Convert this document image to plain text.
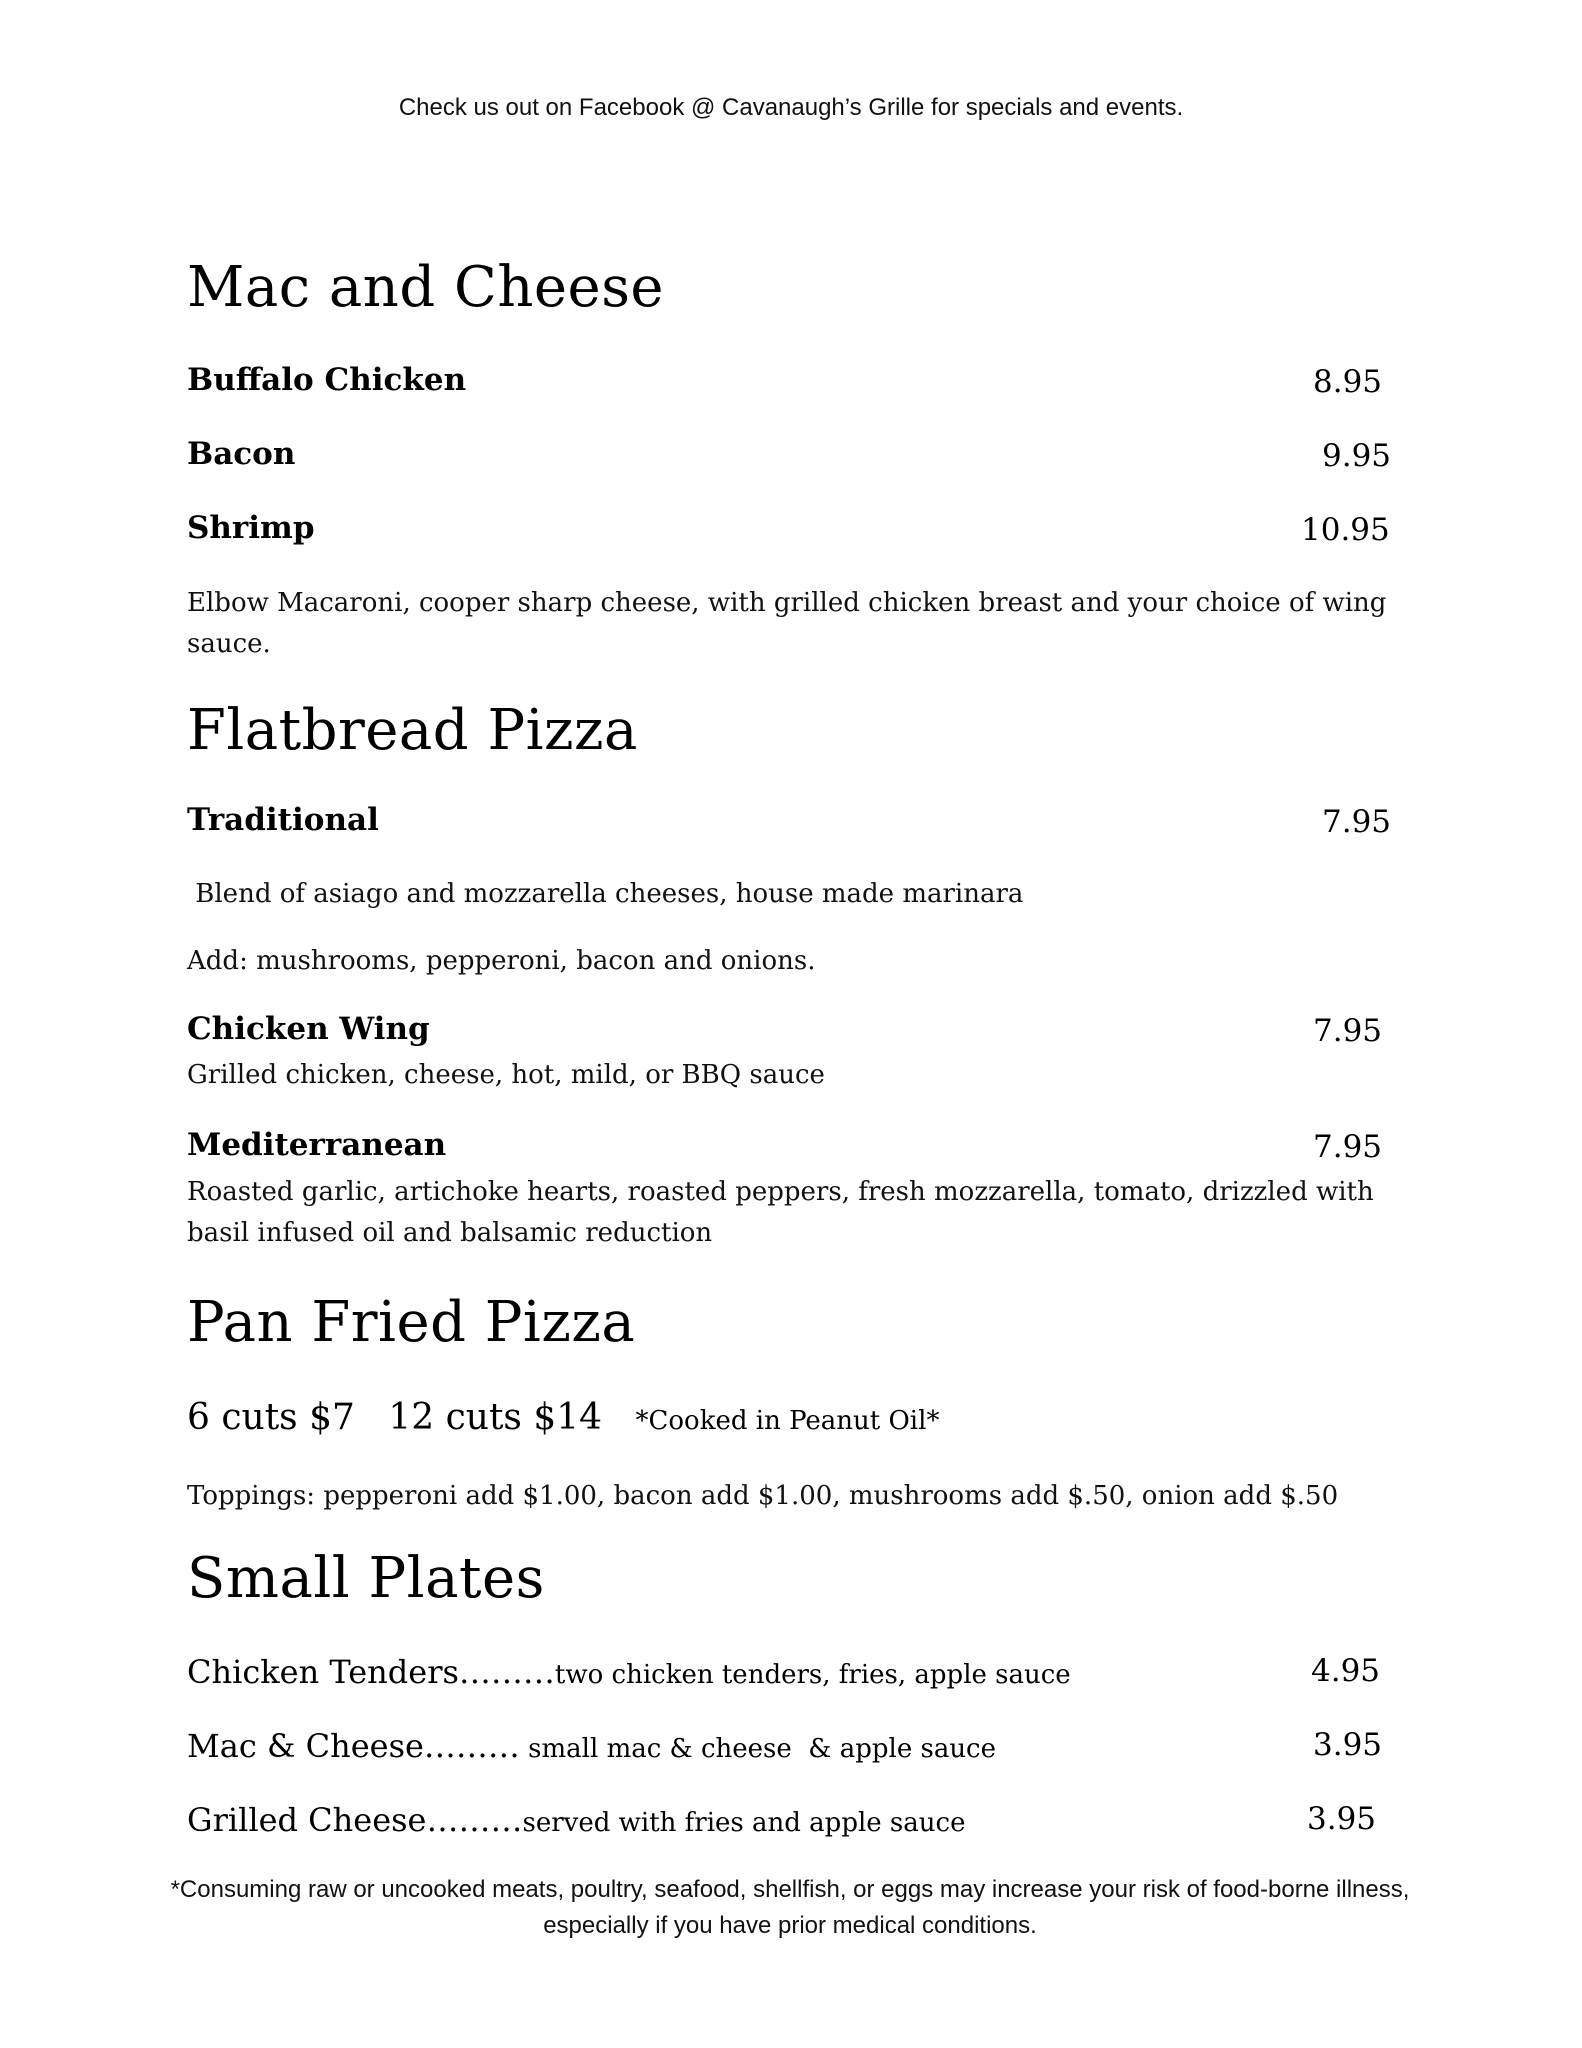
Check us out on Facebook @ Cavanaugh’s Grille for specials and events.
Mac and Cheese
Buffalo Chicken	8.95
Bacon	9.95
Shrimp	10.95
Elbow Macaroni, cooper sharp cheese, with grilled chicken breast and your choice of wing sauce.
Flatbread Pizza
Traditional	7.95
Blend of asiago and mozzarella cheeses, house made marinara
Add: mushrooms, pepperoni, bacon and onions.
Chicken Wing	7.95
Grilled chicken, cheese, hot, mild, or BBQ sauce
Mediterranean	7.95
Roasted garlic, artichoke hearts, roasted peppers, fresh mozzarella, tomato, drizzled with basil infused oil and balsamic reduction
Pan Fried Pizza
6 cuts $7 12 cuts $14 *Cooked in Peanut Oil*
Toppings: pepperoni add $1.00, bacon add $1.00, mushrooms add $.50, onion add $.50
Small Plates
Chicken Tenders………two chicken tenders, fries, apple sauce	4.95
Mac & Cheese……… small mac & cheese  & apple sauce	3.95
Grilled Cheese………served with fries and apple sauce	3.95
*Consuming raw or uncooked meats, poultry, seafood, shellfish, or eggs may increase your risk of food-borne illness, especially if you have prior medical conditions.
